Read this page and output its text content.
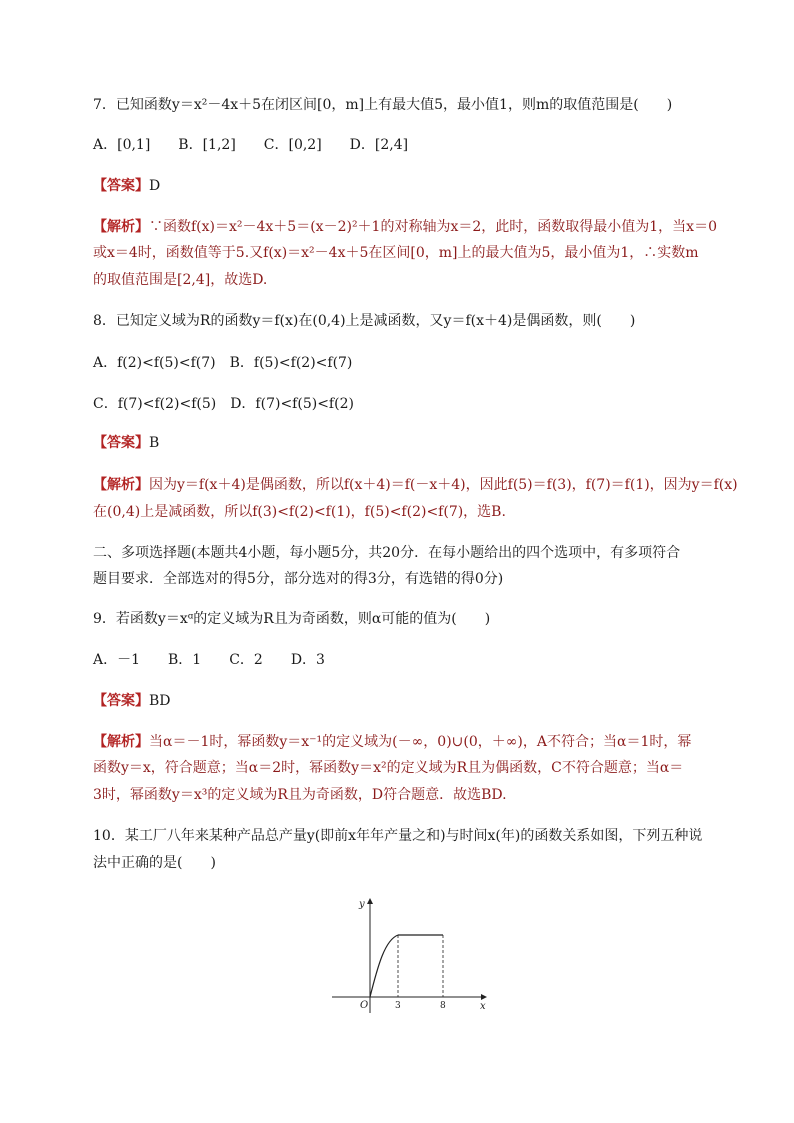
7．已知函数y＝x²－4x＋5在闭区间[0，m]上有最大值5，最小值1，则m的取值范围是(　　)
A．[0,1]　　B．[1,2]　　C．[0,2]　　D．[2,4]
【答案】D
【解析】∵函数f(x)＝x²－4x＋5＝(x－2)²＋1的对称轴为x＝2，此时，函数取得最小值为1，当x＝0
或x＝4时，函数值等于5.又f(x)＝x²－4x＋5在区间[0，m]上的最大值为5，最小值为1，∴实数m
的取值范围是[2,4]，故选D.
8．已知定义域为R的函数y＝f(x)在(0,4)上是减函数，又y＝f(x＋4)是偶函数，则(　　)
A．f(2)<f(5)<f(7)　B．f(5)<f(2)<f(7)
C．f(7)<f(2)<f(5)　D．f(7)<f(5)<f(2)
【答案】B
【解析】因为y＝f(x＋4)是偶函数，所以f(x＋4)＝f(－x＋4)，因此f(5)＝f(3)，f(7)＝f(1)，因为y＝f(x)
在(0,4)上是减函数，所以f(3)<f(2)<f(1)，f(5)<f(2)<f(7)，选B.
二、多项选择题(本题共4小题，每小题5分，共20分．在每小题给出的四个选项中，有多项符合
题目要求．全部选对的得5分，部分选对的得3分，有选错的得0分)
9．若函数y＝xᵅ的定义域为R且为奇函数，则α可能的值为(　　)
A．－1　　B．1　　C．2　　D．3
【答案】BD
【解析】当α＝－1时，幂函数y＝x⁻¹的定义域为(－∞，0)∪(0，＋∞)，A不符合；当α＝1时，幂
函数y＝x，符合题意；当α＝2时，幂函数y＝x²的定义域为R且为偶函数，C不符合题意；当α＝
3时，幂函数y＝x³的定义域为R且为奇函数，D符合题意．故选BD.
10．某工厂八年来某种产品总产量y(即前x年年产量之和)与时间x(年)的函数关系如图，下列五种说
法中正确的是(　　)
y
x
O	3	8
